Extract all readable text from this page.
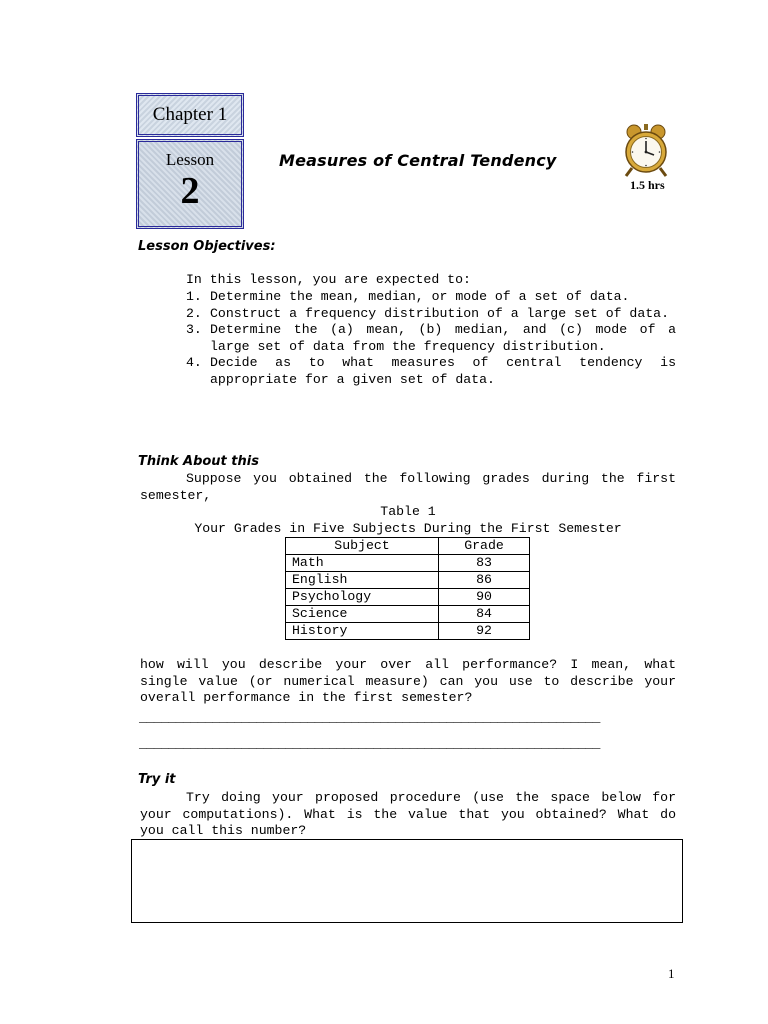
Chapter 1
Lesson
2
Measures of Central Tendency
1.5 hrs
Lesson Objectives:
In this lesson, you are expected to:
1. Determine the mean, median, or mode of a set of data.
2. Construct a frequency distribution of a large set of data.
3. Determine the (a) mean, (b) median, and (c) mode of a large set of data from the frequency distribution.
4. Decide as to what measures of central tendency is appropriate for a given set of data.
Think About this
Suppose you obtained the following grades during the first semester,
Table 1
Your Grades in Five Subjects During the First Semester
Subject	Grade
Math	83
English	86
Psychology	90
Science	84
History	92
how will you describe your over all performance? I mean, what single value (or numerical measure) can you use to describe your overall performance in the first semester?
_______________________________________________________________
_______________________________________________________________
Try it
Try doing your proposed procedure (use the space below for your computations). What is the value that you obtained? What do you call this number?
1
